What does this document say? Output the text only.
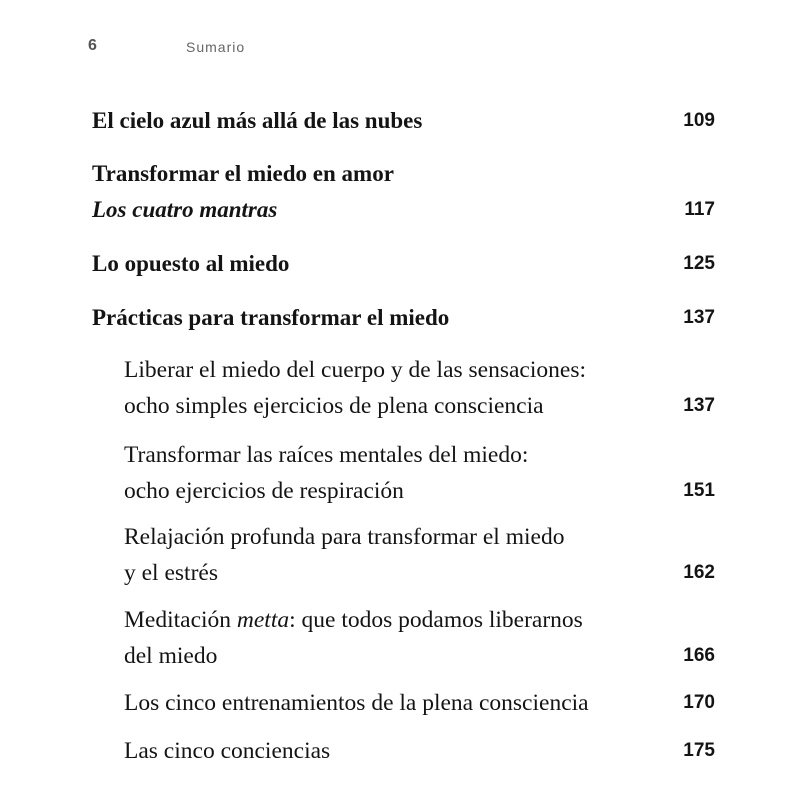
6	Sumario
El cielo azul más allá de las nubes	109
Transformar el miedo en amor
Los cuatro mantras	117
Lo opuesto al miedo	125
Prácticas para transformar el miedo	137
Liberar el miedo del cuerpo y de las sensaciones:
ocho simples ejercicios de plena consciencia	137
Transformar las raíces mentales del miedo:
ocho ejercicios de respiración	151
Relajación profunda para transformar el miedo
y el estrés	162
Meditación metta: que todos podamos liberarnos
del miedo	166
Los cinco entrenamientos de la plena consciencia	170
Las cinco conciencias	175
